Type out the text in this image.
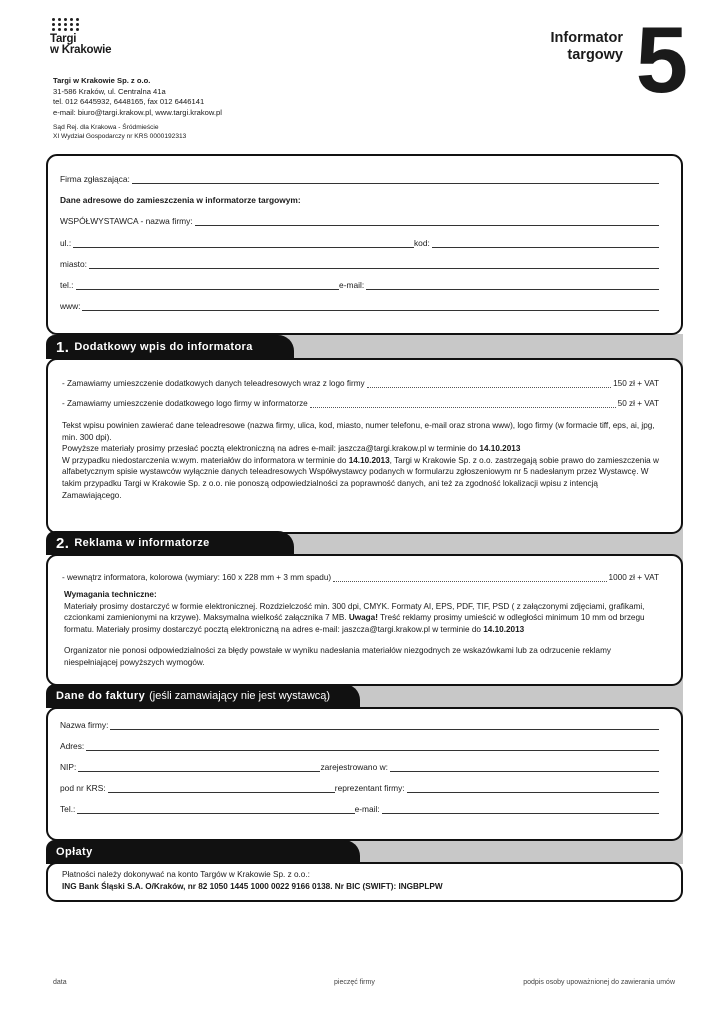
Targi
w Krakowie
Targi w Krakowie Sp. z o.o.
31-586 Kraków, ul. Centralna 41a
tel. 012 6445932, 6448165, fax 012 6446141
e-mail: biuro@targi.krakow.pl, www.targi.krakow.pl
Sąd Rej. dla Krakowa - Śródmieście
XI Wydział Gospodarczy nr KRS 0000192313
Informator
targowy 5
Firma zgłaszająca:
Dane adresowe do zamieszczenia w informatorze targowym:
WSPÓŁWYSTAWCA - nazwa firmy:
ul.:	kod:
miasto:
tel.:	e-mail:
www:
1. Dodatkowy wpis do informatora
- Zamawiamy umieszczenie dodatkowych danych teleadresowych wraz z logo firmy	150 zł + VAT
- Zamawiamy umieszczenie dodatkowego logo firmy w informatorze	50 zł + VAT
Tekst wpisu powinien zawierać dane teleadresowe (nazwa firmy, ulica, kod, miasto, numer telefonu, e-mail oraz strona www), logo firmy (w formacie tiff, eps, ai, jpg, min. 300 dpi).
Powyższe materiały prosimy przesłać pocztą elektroniczną na adres e-mail: jaszcza@targi.krakow.pl w terminie do 14.10.2013
W przypadku niedostarczenia w.wym. materiałów do informatora w terminie do 14.10.2013, Targi w Krakowie Sp. z o.o. zastrzegają sobie prawo do zamieszczenia w alfabetycznym spisie wystawców wyłącznie danych teleadresowych Współwystawcy podanych w formularzu zgłoszeniowym nr 5 nadesłanym przez Wystawcę. W takim przypadku Targi w Krakowie Sp. z o.o. nie ponoszą odpowiedzialności za poprawność danych, ani też za zgodność lokalizacji wpisu z intencją Zamawiającego.
2. Reklama w informatorze
- wewnątrz informatora, kolorowa (wymiary: 160 x 228 mm + 3 mm spadu)	1000 zł + VAT
Wymagania techniczne:
Materiały prosimy dostarczyć w formie elektronicznej. Rozdzielczość min. 300 dpi, CMYK. Formaty AI, EPS, PDF, TIF, PSD ( z załączonymi zdjęciami, grafikami, czcionkami zamienionymi na krzywe). Maksymalna wielkość załącznika 7 MB. Uwaga! Treść reklamy prosimy umieścić w odległości minimum 10 mm od brzegu formatu. Materiały prosimy dostarczyć pocztą elektroniczną na adres e-mail: jaszcza@targi.krakow.pl w terminie do 14.10.2013
Organizator nie ponosi odpowiedzialności za błędy powstałe w wyniku nadesłania materiałów niezgodnych ze wskazówkami lub za odrzucenie reklamy niespełniającej powyższych wymogów.
Dane do faktury (jeśli zamawiający nie jest wystawcą)
Nazwa firmy:
Adres:
NIP:	zarejestrowano w:
pod nr KRS:	reprezentant firmy:
Tel.:	e-mail:
Opłaty
Płatności należy dokonywać na konto Targów w Krakowie Sp. z o.o.:
ING Bank Śląski S.A. O/Kraków, nr 82 1050 1445 1000 0022 9166 0138. Nr BIC (SWIFT): INGBPLPW
data	pieczęć firmy	podpis osoby upoważnionej do zawierania umów
